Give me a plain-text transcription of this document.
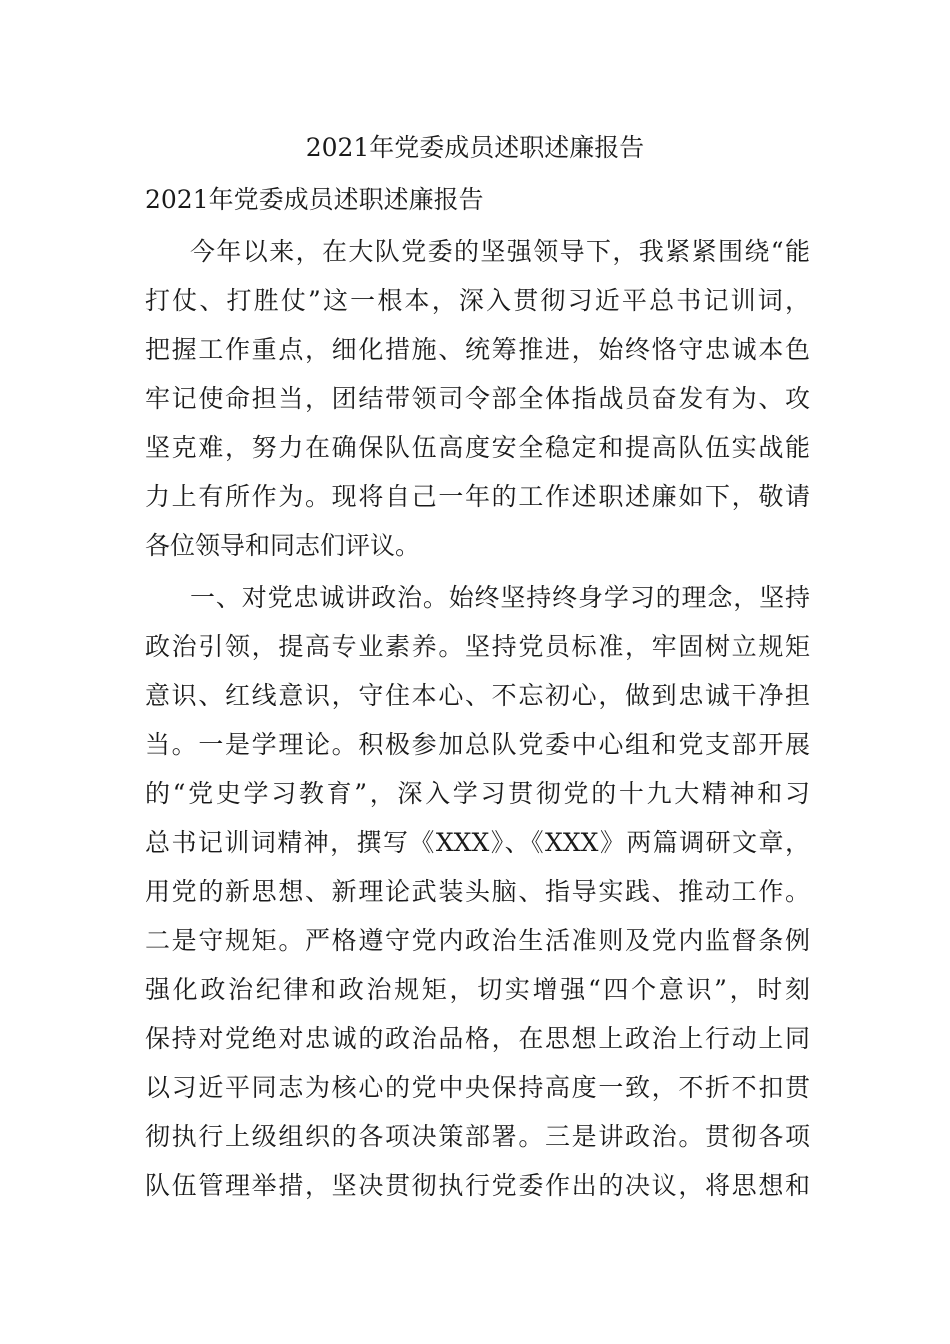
2021年党委成员述职述廉报告
2021年党委成员述职述廉报告

今年以来，在大队党委的坚强领导下，我紧紧围绕“能

打仗、打胜仗”这一根本，深入贯彻习近平总书记训词，

把握工作重点，细化措施、统筹推进，始终恪守忠诚本色

牢记使命担当，团结带领司令部全体指战员奋发有为、攻

坚克难，努力在确保队伍高度安全稳定和提高队伍实战能

力上有所作为。现将自己一年的工作述职述廉如下，敬请

各位领导和同志们评议。

一、对党忠诚讲政治。始终坚持终身学习的理念，坚持

政治引领，提高专业素养。坚持党员标准，牢固树立规矩

意识、红线意识，守住本心、不忘初心，做到忠诚干净担

当。一是学理论。积极参加总队党委中心组和党支部开展

的“党史学习教育”，深入学习贯彻党的十九大精神和习

总书记训词精神，撰写《XXX》、《XXX》两篇调研文章，

用党的新思想、新理论武装头脑、指导实践、推动工作。

二是守规矩。严格遵守党内政治生活准则及党内监督条例

强化政治纪律和政治规矩，切实增强“四个意识”，时刻

保持对党绝对忠诚的政治品格，在思想上政治上行动上同

以习近平同志为核心的党中央保持高度一致，不折不扣贯

彻执行上级组织的各项决策部署。三是讲政治。贯彻各项

队伍管理举措，坚决贯彻执行党委作出的决议，将思想和
